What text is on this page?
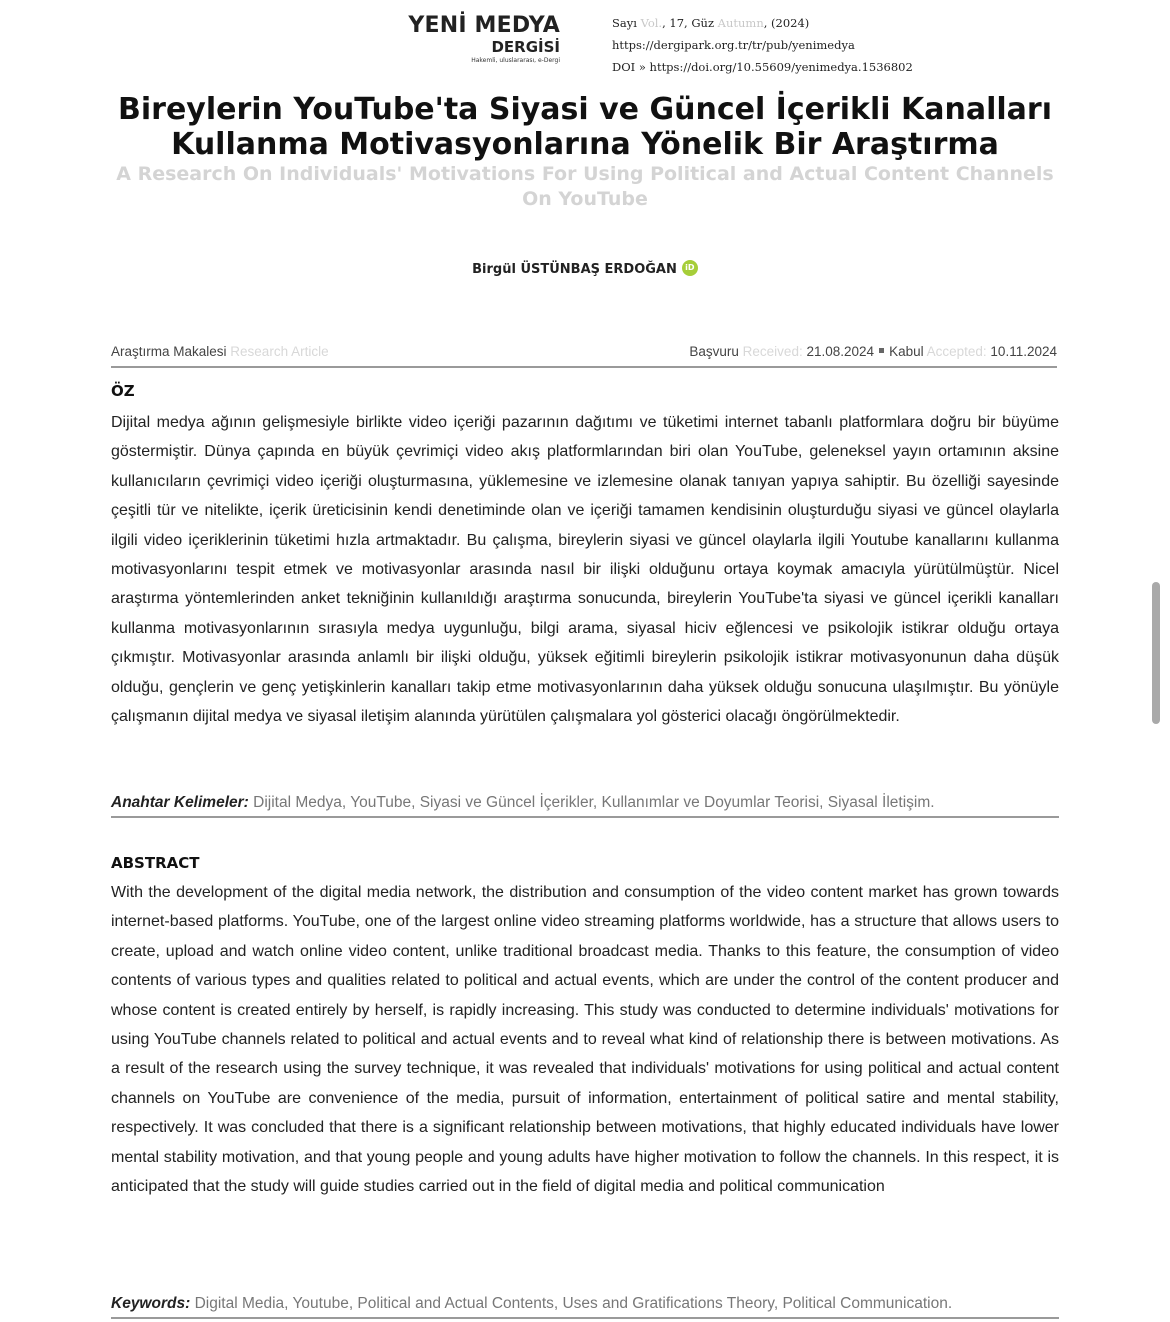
YENİ MEDYA
DERGİSİ
Hakemli, uluslararası, e-Dergi
Sayı Vol., 17, Güz Autumn, (2024)
https://dergipark.org.tr/tr/pub/yenimedya
DOI » https://doi.org/10.55609/yenimedya.1536802
Bireylerin YouTube'ta Siyasi ve Güncel İçerikli Kanalları
Kullanma Motivasyonlarına Yönelik Bir Araştırma
A Research On Individuals' Motivations For Using Political and Actual Content Channels
On YouTube
Birgül ÜSTÜNBAŞ ERDOĞAN iD
Araştırma Makalesi Research Article	Başvuru Received: 21.08.2024 Kabul Accepted: 10.11.2024
ÖZ
Dijital medya ağının gelişmesiyle birlikte video içeriği pazarının dağıtımı ve tüketimi internet tabanlı platformlara doğru bir büyüme göstermiştir. Dünya çapında en büyük çevrimiçi video akış platformlarından biri olan YouTube, geleneksel yayın ortamının aksine kullanıcıların çevrimiçi video içeriği oluşturmasına, yüklemesine ve izlemesine olanak tanıyan yapıya sahiptir. Bu özelliği sayesinde çeşitli tür ve nitelikte, içerik üreticisinin kendi denetiminde olan ve içeriği tamamen kendisinin oluşturduğu siyasi ve güncel olaylarla ilgili video içeriklerinin tüketimi hızla artmaktadır. Bu çalışma, bireylerin siyasi ve güncel olaylarla ilgili Youtube kanallarını kullanma motivasyonlarını tespit etmek ve motivasyonlar arasında nasıl bir ilişki olduğunu ortaya koymak amacıyla yürütülmüştür. Nicel araştırma yöntemlerinden anket tekniğinin kullanıldığı araştırma sonucunda, bireylerin YouTube'ta siyasi ve güncel içerikli kanalları kullanma motivasyonlarının sırasıyla medya uygunluğu, bilgi arama, siyasal hiciv eğlencesi ve psikolojik istikrar olduğu ortaya çıkmıştır. Motivasyonlar arasında anlamlı bir ilişki olduğu, yüksek eğitimli bireylerin psikolojik istikrar motivasyonunun daha düşük olduğu, gençlerin ve genç yetişkinlerin kanalları takip etme motivasyonlarının daha yüksek olduğu sonucuna ulaşılmıştır. Bu yönüyle çalışmanın dijital medya ve siyasal iletişim alanında yürütülen çalışmalara yol gösterici olacağı öngörülmektedir.
Anahtar Kelimeler: Dijital Medya, YouTube, Siyasi ve Güncel İçerikler, Kullanımlar ve Doyumlar Teorisi, Siyasal İletişim.
ABSTRACT
With the development of the digital media network, the distribution and consumption of the video content market has grown towards internet-based platforms. YouTube, one of the largest online video streaming platforms worldwide, has a structure that allows users to create, upload and watch online video content, unlike traditional broadcast media. Thanks to this feature, the consumption of video contents of various types and qualities related to political and actual events, which are under the control of the content producer and whose content is created entirely by herself, is rapidly increasing. This study was conducted to determine individuals' motivations for using YouTube channels related to political and actual events and to reveal what kind of relationship there is between motivations. As a result of the research using the survey technique, it was revealed that individuals' motivations for using political and actual content channels on YouTube are convenience of the media, pursuit of information, entertainment of political satire and mental stability, respectively. It was concluded that there is a significant relationship between motivations, that highly educated individuals have lower mental stability motivation, and that young people and young adults have higher motivation to follow the channels. In this respect, it is anticipated that the study will guide studies carried out in the field of digital media and political communication
Keywords: Digital Media, Youtube, Political and Actual Contents, Uses and Gratifications Theory, Political Communication.
